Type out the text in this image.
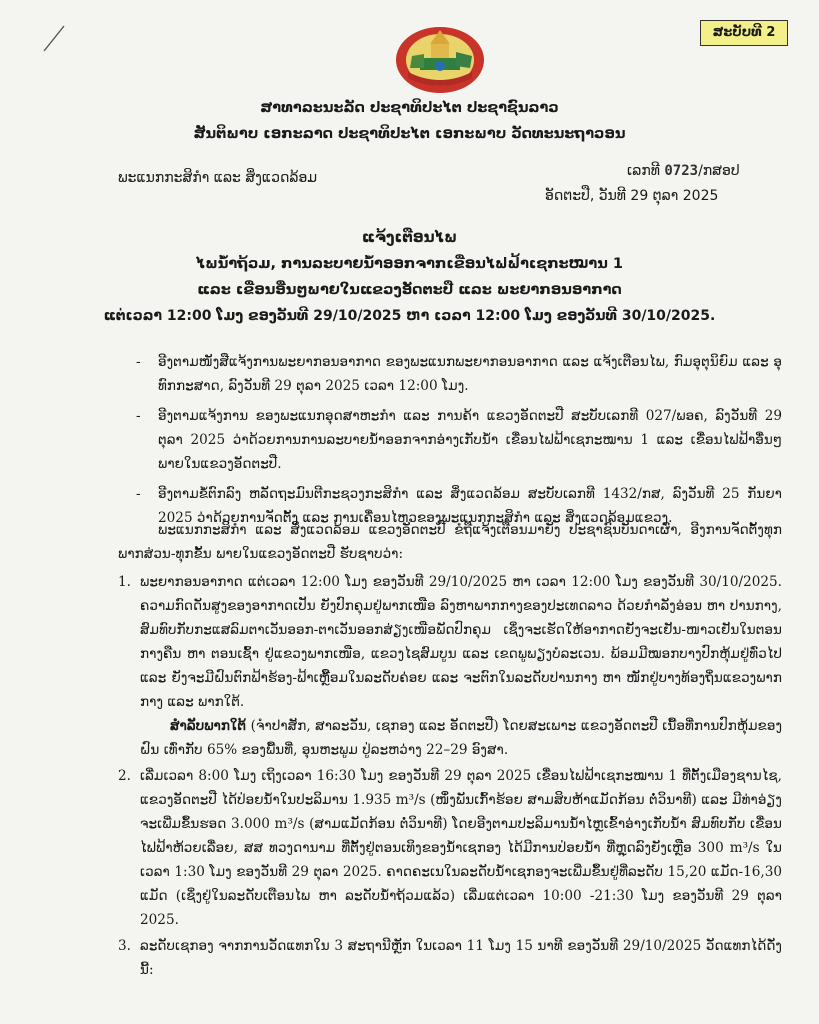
ສະບັບທີ 2
ສາທາລະນະລັດ ປະຊາທິປະໄຕ ປະຊາຊົນລາວ
ສັນຕິພາບ ເອກະລາດ ປະຊາທິປະໄຕ ເອກະພາບ ວັດທະນະຖາວອນ
ພະແນກກະສິກຳ ແລະ ສິ່ງແວດລ້ອມ	ເລກທີ 0723/ກສອປ
ອັດຕະປື, ວັນທີ 29 ຕຸລາ 2025
ແຈ້ງເຕືອນໄພ
ໄພນ້ຳຖ້ວມ, ການລະບາຍນ້ຳອອກຈາກເຂື່ອນໄຟຟ້າເຊກະໝານ 1
ແລະ ເຂື່ອນອື່ນໆພາຍໃນແຂວງອັດຕະປື ແລະ ພະຍາກອນອາກາດ
ແຕ່ເວລາ 12:00 ໂມງ ຂອງວັນທີ 29/10/2025 ຫາ ເວລາ 12:00 ໂມງ ຂອງວັນທີ 30/10/2025.
- ອີງຕາມໜັງສືແຈ້ງການພະຍາກອນອາກາດ ຂອງພະແນກພະຍາກອນອາກາດ ແລະ ແຈ້ງເຕືອນໄພ, ກົມອຸຕຸນິຍົມ ແລະ ອຸທົກກະສາດ, ລົງວັນທີ 29 ຕຸລາ 2025 ເວລາ 12:00 ໂມງ.
- ອີງຕາມແຈ້ງການ ຂອງພະແນກອຸດສາຫະກຳ ແລະ ການຄ້າ ແຂວງອັດຕະປື ສະບັບເລກທີ 027/ພອຄ, ລົງວັນທີ 29 ຕຸລາ 2025 ວ່າດ້ວຍການການລະບາຍນ້ຳອອກຈາກອ່າງເກັບນ້ຳ ເຂື່ອນໄຟຟ້າເຊກະໝານ 1 ແລະ ເຂື່ອນໄຟຟ້າອື່ນໆ ພາຍໃນແຂວງອັດຕະປື.
- ອີງຕາມຂໍ້ຕົກລົງ ຫລັດຖະມົນຕີກະຊວງກະສິກຳ ແລະ ສິ່ງແວດລ້ອມ ສະບັບເລກທີ 1432/ກສ, ລົງວັນທີ 25 ກັນຍາ 2025 ວ່າດ້ວຍການຈັດຕັ້ງ ແລະ ການເຄື່ອນໄຫວຂອງພະແນກກະສິກຳ ແລະ ສິ່ງແວດລ້ອມແຂວງ.
ພະແນກກະສິກຳ ແລະ ສິ່ງແວດລ້ອມ ແຂວງອັດຕະປື ຂໍຖືແຈ້ງເຕືອນມາຍັງ ປະຊາຊົນບັນດາເຜົ່າ, ອີງການຈັດຕັ້ງທຸກພາກສ່ວນ-ທຸກຂັ້ນ ພາຍໃນແຂວງອັດຕະປື ຮັບຊາບວ່າ:
1. ພະຍາກອນອາກາດ ແຕ່ເວລາ 12:00 ໂມງ ຂອງວັນທີ 29/10/2025 ຫາ ເວລາ 12:00 ໂມງ ຂອງວັນທີ 30/10/2025. ຄວາມກົດດັນສູງຂອງອາກາດເປັນ ຍັງປົກຄຸມຢູ່ພາກເໜືອ ລົງຫາພາກກາງຂອງປະເທດລາວ ດ້ວຍກຳລັງອ່ອນ ຫາ ປານກາງ, ສົມທົບກັບກະແສລົມຕາເວັນອອກ-ຕາເວັນອອກສ່ຽງເໜືອພັດປົກຄຸມ ເຊິ່ງຈະເຮັດໃຫ້ອາກາດຍັງຈະເຢັນ-ໜາວເຢັນໃນຕອນກາງຄືນ ຫາ ຕອນເຊົ້າ ຢູ່ແຂວງພາກເໜືອ, ແຂວງໄຊສົມບູນ ແລະ ເຂດພູພຽງບໍລະເວນ. ພ້ອມມີໝອກບາງປົກຫຸ້ມຢູ່ທົ່ວໄປ ແລະ ຍັງຈະມີຝົນຕົກຟ້າຮ້ອງ-ຟ້າເຫຼື້ອມໃນລະດັບຄ່ອຍ ແລະ ຈະຕົກໃນລະດັບປານກາງ ຫາ ໜັກຢູ່ບາງທ້ອງຖິ່ນແຂວງພາກກາງ ແລະ ພາກໃຕ້.
ສຳລັບພາກໃຕ້ (ຈຳປາສັກ, ສາລະວັນ, ເຊກອງ ແລະ ອັດຕະປື) ໂດຍສະເພາະ ແຂວງອັດຕະປື ເນື້ອທີ່ການປົກຫຸ້ມຂອງຝົນ ເທົ່າກັບ 65% ຂອງພື້ນທີ່, ອຸນຫະພູມ ປູ່ລະຫວ່າງ 22–29 ອົງສາ.
2. ເລີ່ມເວລາ 8:00 ໂມງ ເຖິງເວລາ 16:30 ໂມງ ຂອງວັນທີ 29 ຕຸລາ 2025 ເຂື່ອນໄຟຟ້າເຊກະໝານ 1 ທີ່ຕັ້ງເມືອງຊານໄຊ, ແຂວງອັດຕະປື ໄດ້ປ່ອຍນ້ຳໃນປະລິມານ 1.935 m³/s (ໜຶ່ງພັນເກົ້າຮ້ອຍ ສາມສິບຫ້າແມັດກ້ອນ ຕໍ່ວິນາທີ) ແລະ ມີທ່າອ່ຽງຈະເພີ່ມຂຶ້ນຮອດ 3.000 m³/s (ສາມແມັດກ້ອນ ຕໍ່ວິນາທີ) ໂດຍອີງຕາມປະລິມານນ້ຳໄຫຼເຂົ້າອ່າງເກັບນ້ຳ ສົມທົບກັບ ເຂື່ອນໄຟຟ້າຫ້ວຍເລື່ອຍ, ສສ ທວງດານາມ ທີ່ຕັ້ງຢູ່ຕອນເທິງຂອງນ້ຳເຊກອງ ໄດ້ມີການປ່ອຍນ້ຳ ທີ່ຫຼຸດລົງຍັງເຫຼືອ 300 m³/s ໃນເວລາ 1:30 ໂມງ ຂອງວັນທີ 29 ຕຸລາ 2025. ຄາດຄະເນໃນລະດັບນ້ຳເຊກອງຈະເພີ່ມຂຶ້ນຢູ່ທີ່ລະດັບ 15,20 ແມັດ-16,30 ແມັດ (ເຊິ່ງຢູ່ໃນລະດັບເຕືອນໄພ ຫາ ລະດັບນ້ຳຖ້ວມແລ້ວ) ເລີ່ມແຕ່ເວລາ 10:00 -21:30 ໂມງ ຂອງວັນທີ 29 ຕຸລາ 2025.
3. ລະດັບເຊກອງ ຈາກການວັດແທກໃນ 3 ສະຖານີຫຼັກ ໃນເວລາ 11 ໂມງ 15 ນາທີ ຂອງວັນທີ 29/10/2025 ວັດແທກໄດ້ດັ່ງນີ້:
